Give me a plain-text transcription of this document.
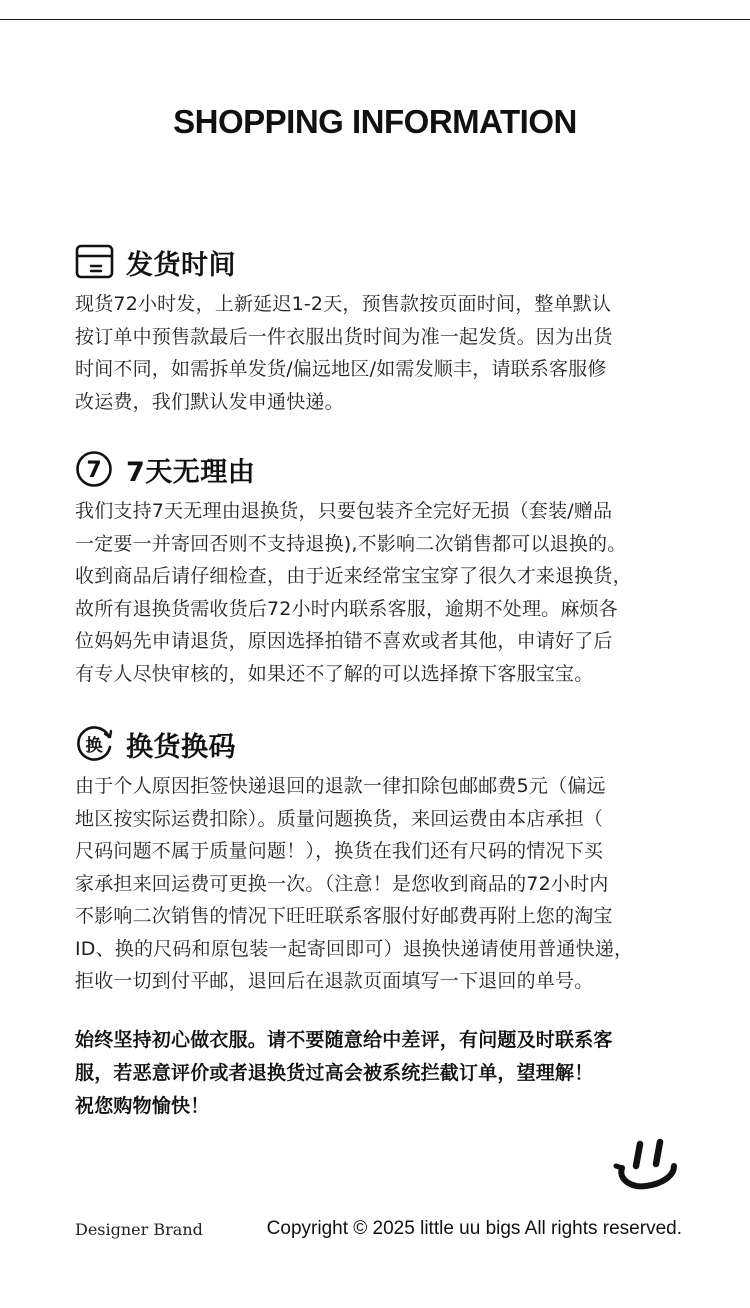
SHOPPING INFORMATION
发货时间
现货72小时发，上新延迟1-2天，预售款按页面时间，整单默认
按订单中预售款最后一件衣服出货时间为准一起发货。因为出货
时间不同，如需拆单发货/偏远地区/如需发顺丰，请联系客服修
改运费，我们默认发申通快递。
7 7天无理由
我们支持7天无理由退换货，只要包装齐全完好无损（套装/赠品
一定要一并寄回否则不支持退换),不影响二次销售都可以退换的。
收到商品后请仔细检查，由于近来经常宝宝穿了很久才来退换货，
故所有退换货需收货后72小时内联系客服，逾期不处理。麻烦各
位妈妈先申请退货，原因选择拍错不喜欢或者其他，申请好了后
有专人尽快审核的，如果还不了解的可以选择撩下客服宝宝。
换 换货换码
由于个人原因拒签快递退回的退款一律扣除包邮邮费5元（偏远
地区按实际运费扣除）。质量问题换货，来回运费由本店承担（
尺码问题不属于质量问题！），换货在我们还有尺码的情况下买
家承担来回运费可更换一次。（注意！是您收到商品的72小时内
不影响二次销售的情况下旺旺联系客服付好邮费再附上您的淘宝
ID、换的尺码和原包装一起寄回即可）退换快递请使用普通快递，
拒收一切到付平邮，退回后在退款页面填写一下退回的单号。
始终坚持初心做衣服。请不要随意给中差评，有问题及时联系客
服，若恶意评价或者退换货过高会被系统拦截订单，望理解！
祝您购物愉快！
Designer Brand	Copyright © 2025 little uu bigs All rights reserved.
